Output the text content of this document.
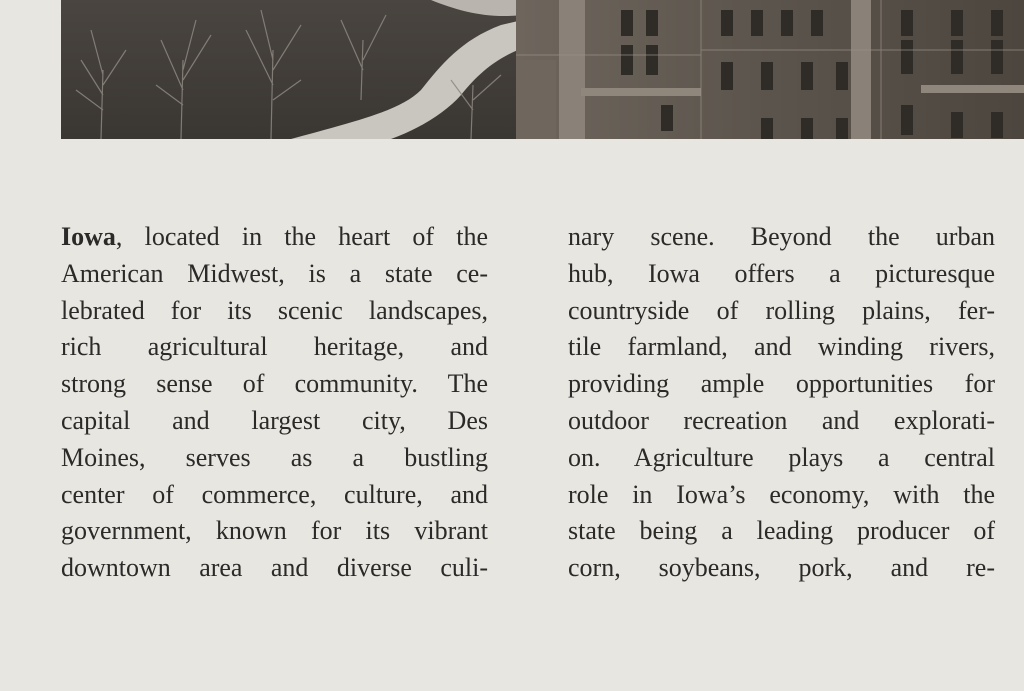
Iowa, located in the heart of the
American Midwest, is a state ce-
lebrated for its scenic landscapes,
rich agricultural heritage, and
strong sense of community. The
capital and largest city, Des
Moines, serves as a bustling
center of commerce, culture, and
government, known for its vibrant
downtown area and diverse culi-
nary scene. Beyond the urban
hub, Iowa offers a picturesque
countryside of rolling plains, fer-
tile farmland, and winding rivers,
providing ample opportunities for
outdoor recreation and explorati-
on. Agriculture plays a central
role in Iowa’s economy, with the
state being a leading producer of
corn, soybeans, pork, and re-
